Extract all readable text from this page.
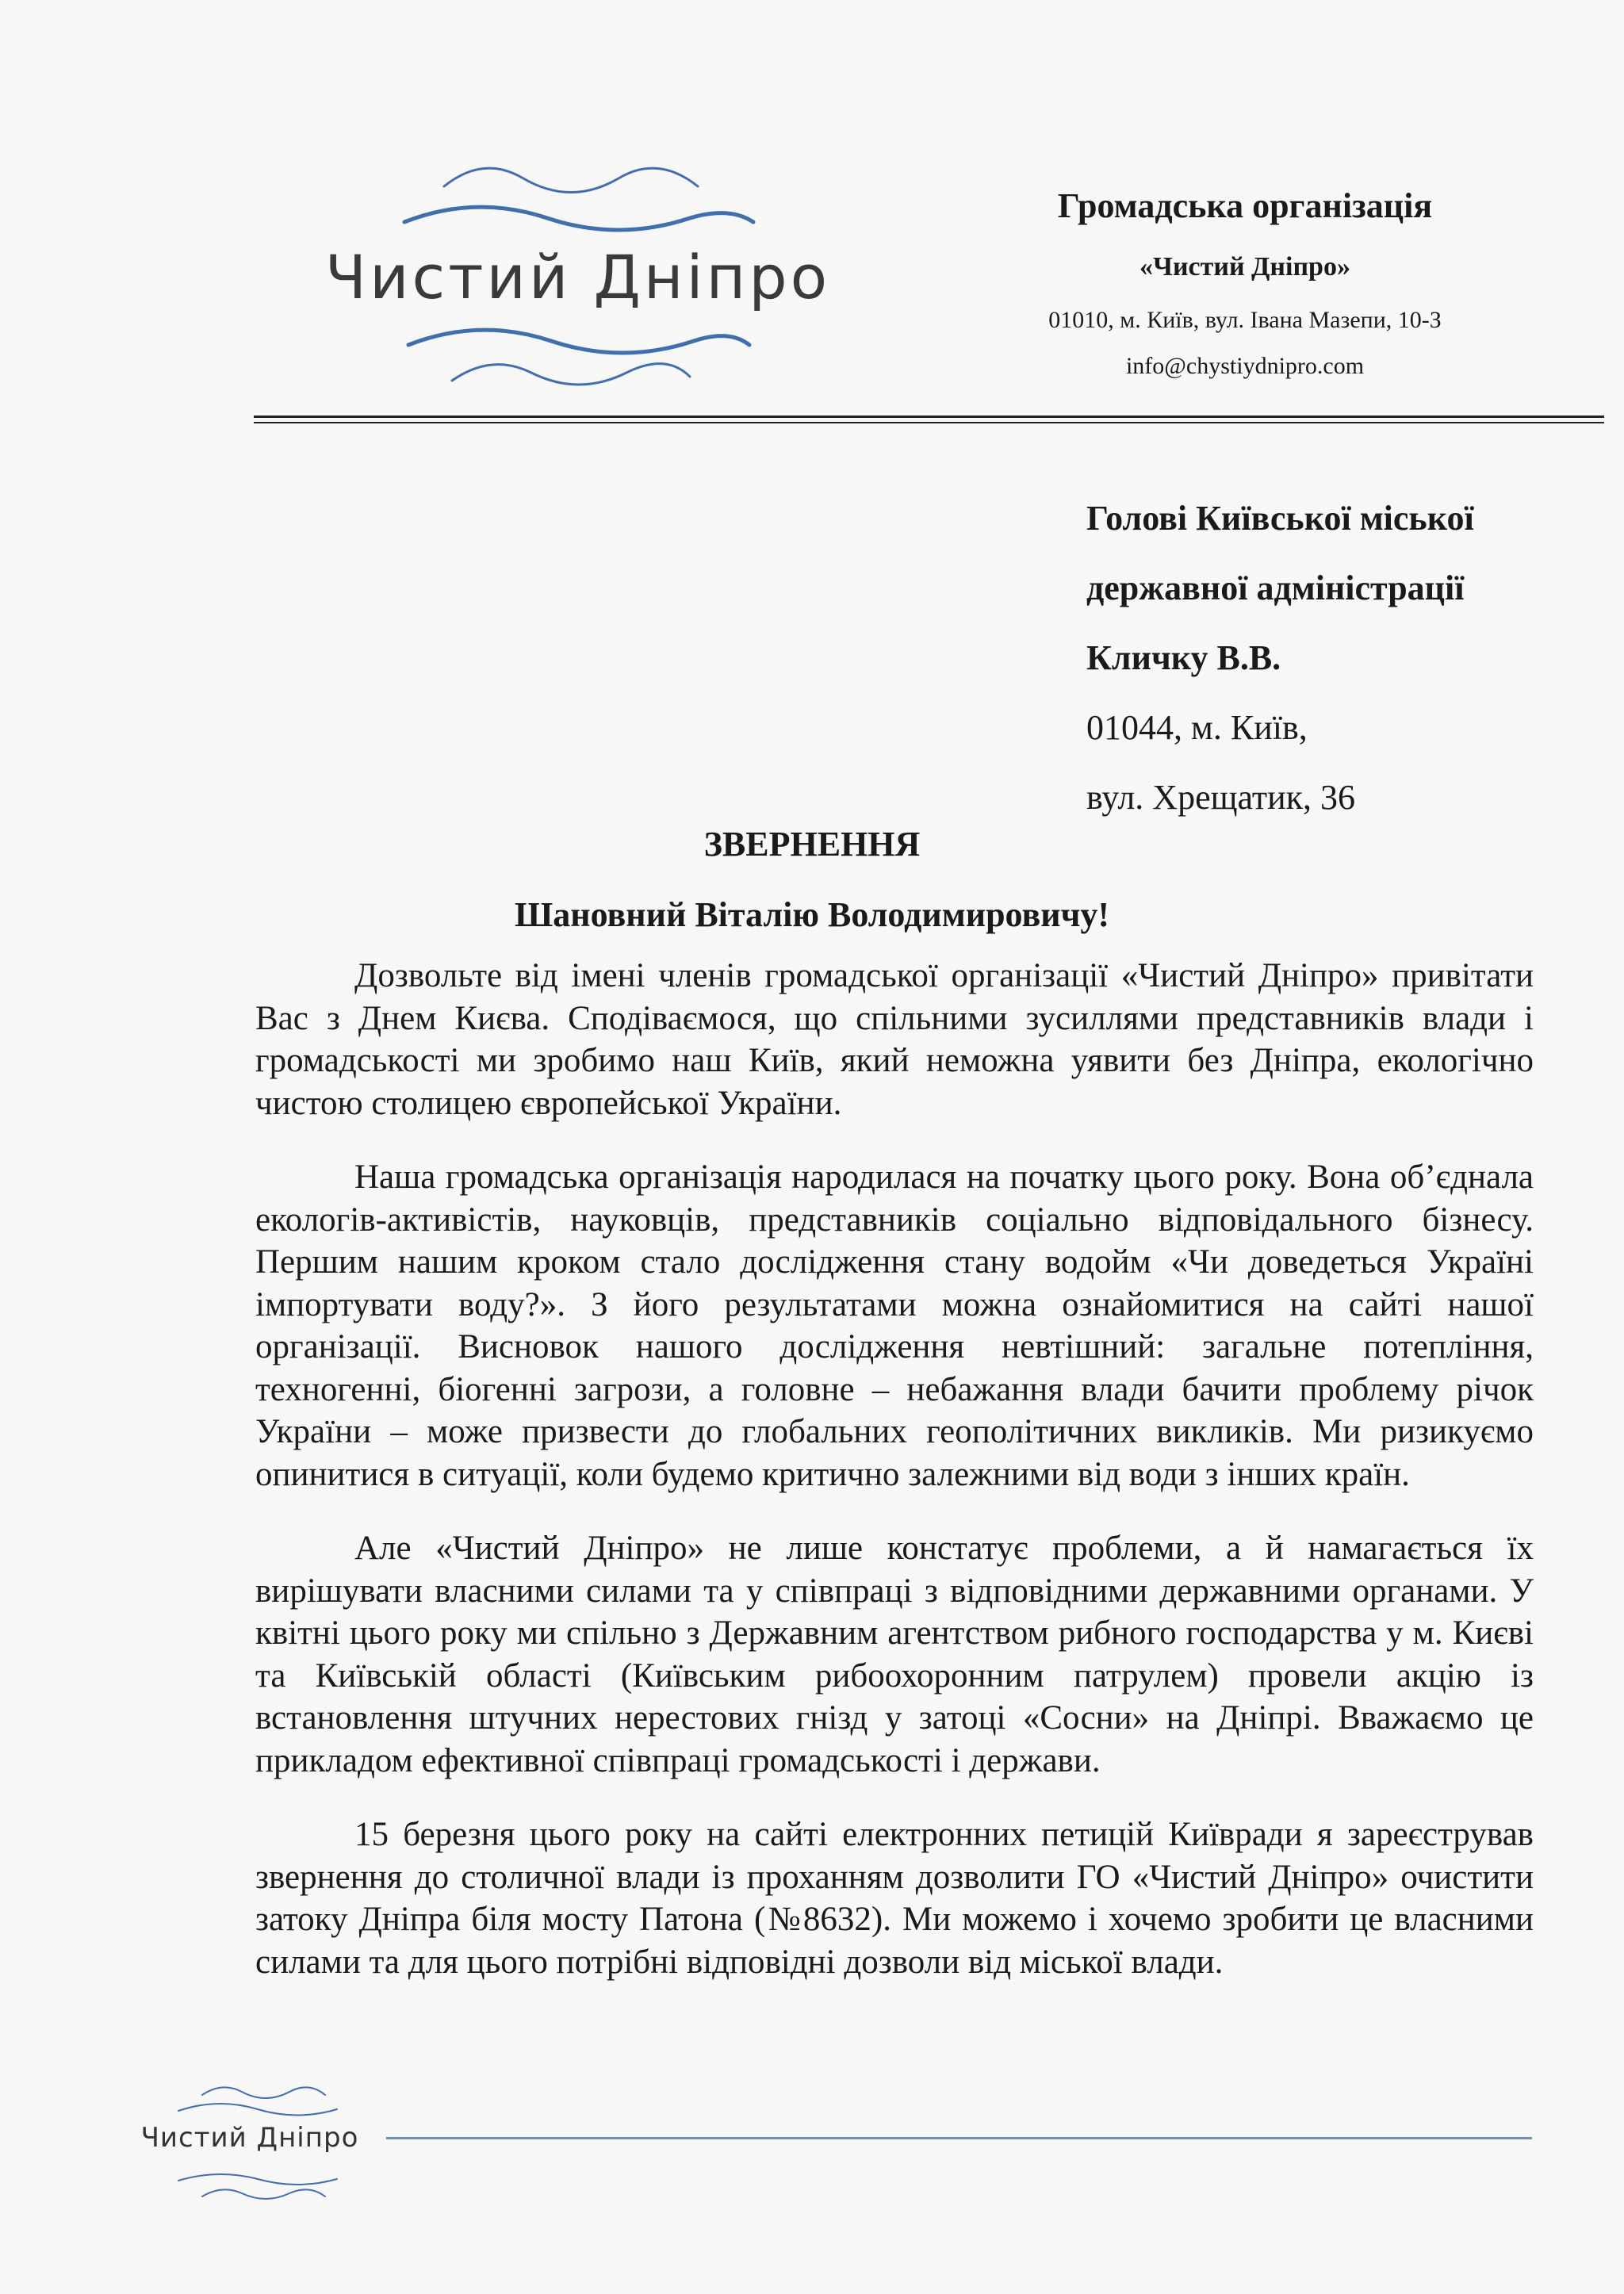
Чистий Дніпро
Громадська організація
«Чистий Дніпро»
01010, м. Київ, вул. Івана Мазепи, 10-З
info@chystiydnipro.com
Голові Київської міської
державної адміністрації
Кличку В.В.
01044, м. Київ,
вул. Хрещатик, 36
ЗВЕРНЕННЯ
Шановний Віталію Володимировичу!

Дозвольте від імені членів громадської організації «Чистий Дніпро» привітати Вас з Днем Києва. Сподіваємося, що спільними зусиллями представників влади і громадськості ми зробимо наш Київ, який неможна уявити без Дніпра, екологічно чистою столицею європейської України.

Наша громадська організація народилася на початку цього року. Вона об’єднала екологів-активістів, науковців, представників соціально відповідального бізнесу. Першим нашим кроком стало дослідження стану водойм «Чи доведеться Україні імпортувати воду?». З його результатами можна ознайомитися на сайті нашої організації. Висновок нашого дослідження невтішний: загальне потепління, техногенні, біогенні загрози, а головне – небажання влади бачити проблему річок України – може призвести до глобальних геополітичних викликів. Ми ризикуємо опинитися в ситуації, коли будемо критично залежними від води з інших країн.

Але «Чистий Дніпро» не лише констатує проблеми, а й намагається їх вирішувати власними силами та у співпраці з відповідними державними органами. У квітні цього року ми спільно з Державним агентством рибного господарства у м. Києві та Київській області (Київським рибоохоронним патрулем) провели акцію із встановлення штучних нерестових гнізд у затоці «Сосни» на Дніпрі. Вважаємо це прикладом ефективної співпраці громадськості і держави.

15 березня цього року на сайті електронних петицій Київради я зареєстрував звернення до столичної влади із проханням дозволити ГО «Чистий Дніпро» очистити затоку Дніпра біля мосту Патона (№8632). Ми можемо і хочемо зробити це власними силами та для цього потрібні відповідні дозволи від міської влади.

Чистий Дніпро
